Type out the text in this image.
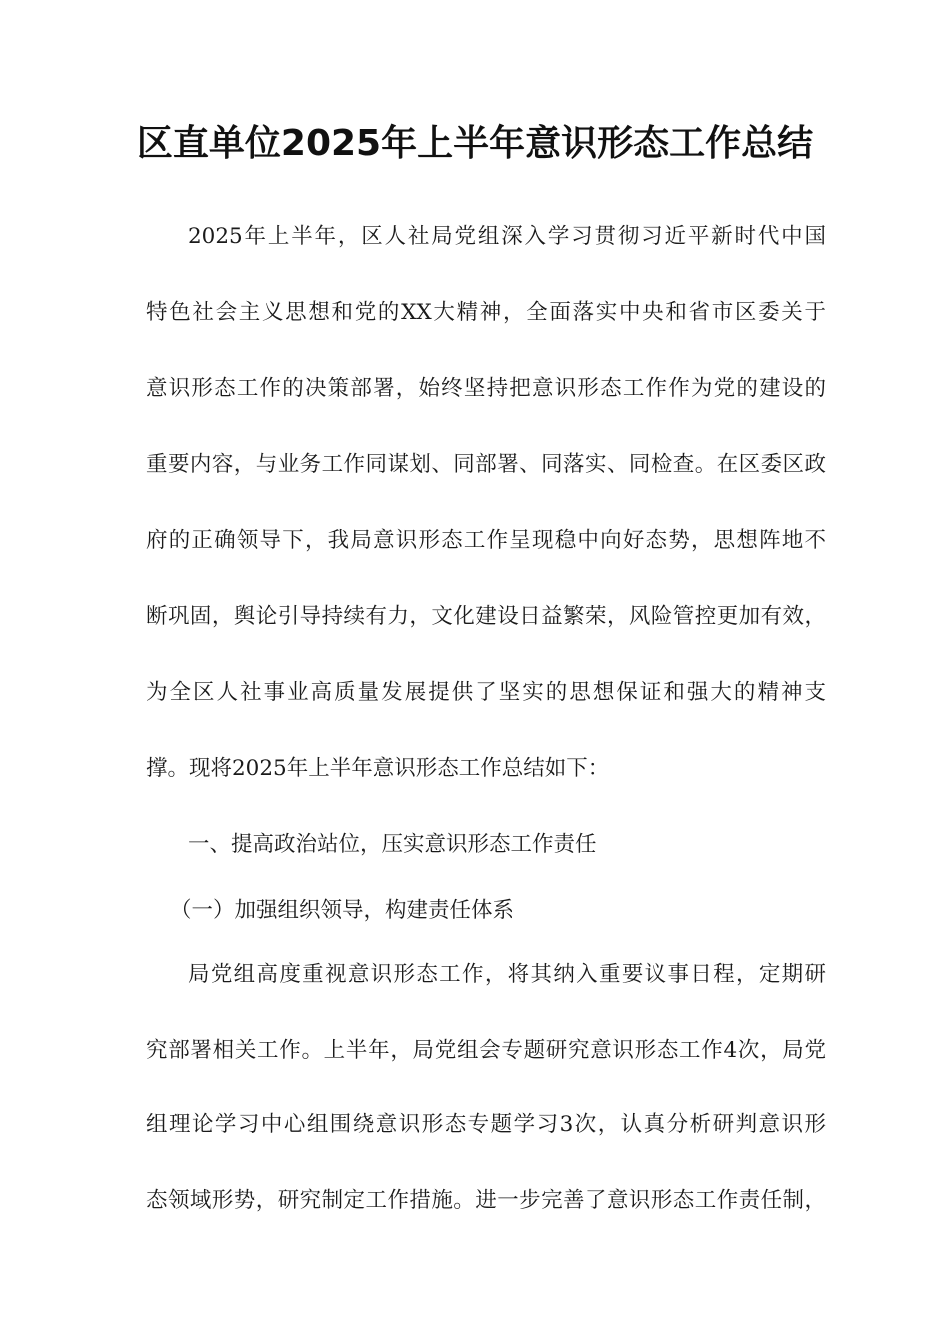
区直单位2025年上半年意识形态工作总结
2025年上半年，区人社局党组深入学习贯彻习近平新时代中国
特色社会主义思想和党的XX大精神，全面落实中央和省市区委关于
意识形态工作的决策部署，始终坚持把意识形态工作作为党的建设的
重要内容，与业务工作同谋划、同部署、同落实、同检查。在区委区政
府的正确领导下，我局意识形态工作呈现稳中向好态势，思想阵地不
断巩固，舆论引导持续有力，文化建设日益繁荣，风险管控更加有效，
为全区人社事业高质量发展提供了坚实的思想保证和强大的精神支
撑。现将2025年上半年意识形态工作总结如下：
一、提高政治站位，压实意识形态工作责任
（一）加强组织领导，构建责任体系
局党组高度重视意识形态工作，将其纳入重要议事日程，定期研
究部署相关工作。上半年，局党组会专题研究意识形态工作4次，局党
组理论学习中心组围绕意识形态专题学习3次，认真分析研判意识形
态领域形势，研究制定工作措施。进一步完善了意识形态工作责任制，
